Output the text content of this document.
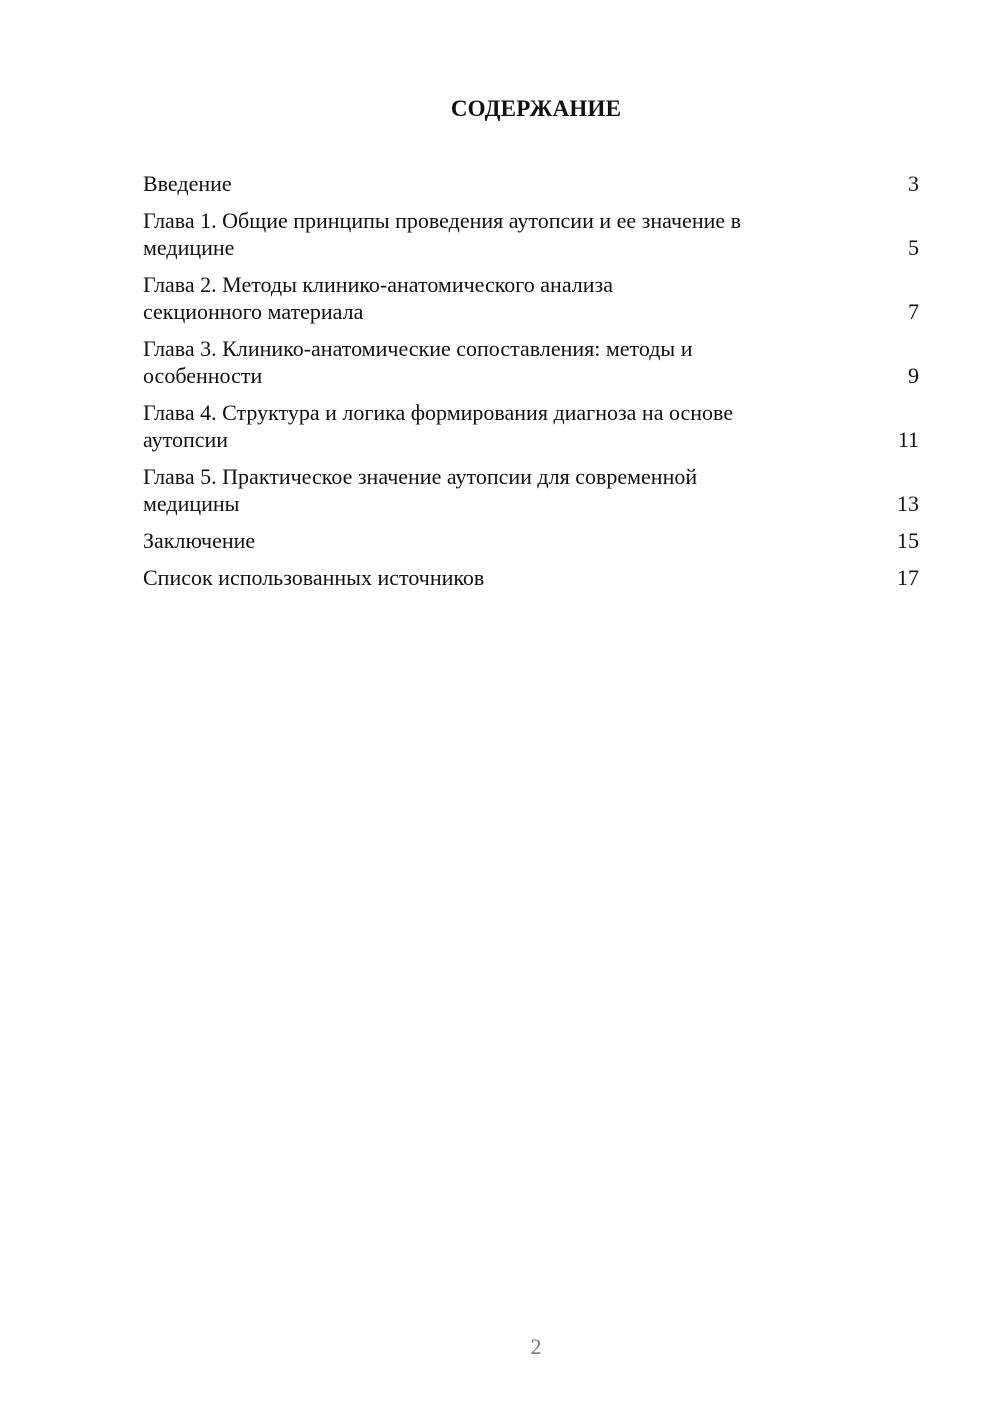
СОДЕРЖАНИЕ
Введение	3
Глава 1. Общие принципы проведения аутопсии и ее значение в
медицине	5
Глава 2. Методы клинико-анатомического анализа
секционного материала	7
Глава 3. Клинико-анатомические сопоставления: методы и
особенности	9
Глава 4. Структура и логика формирования диагноза на основе
аутопсии	11
Глава 5. Практическое значение аутопсии для современной
медицины	13
Заключение	15
Список использованных источников	17
2
